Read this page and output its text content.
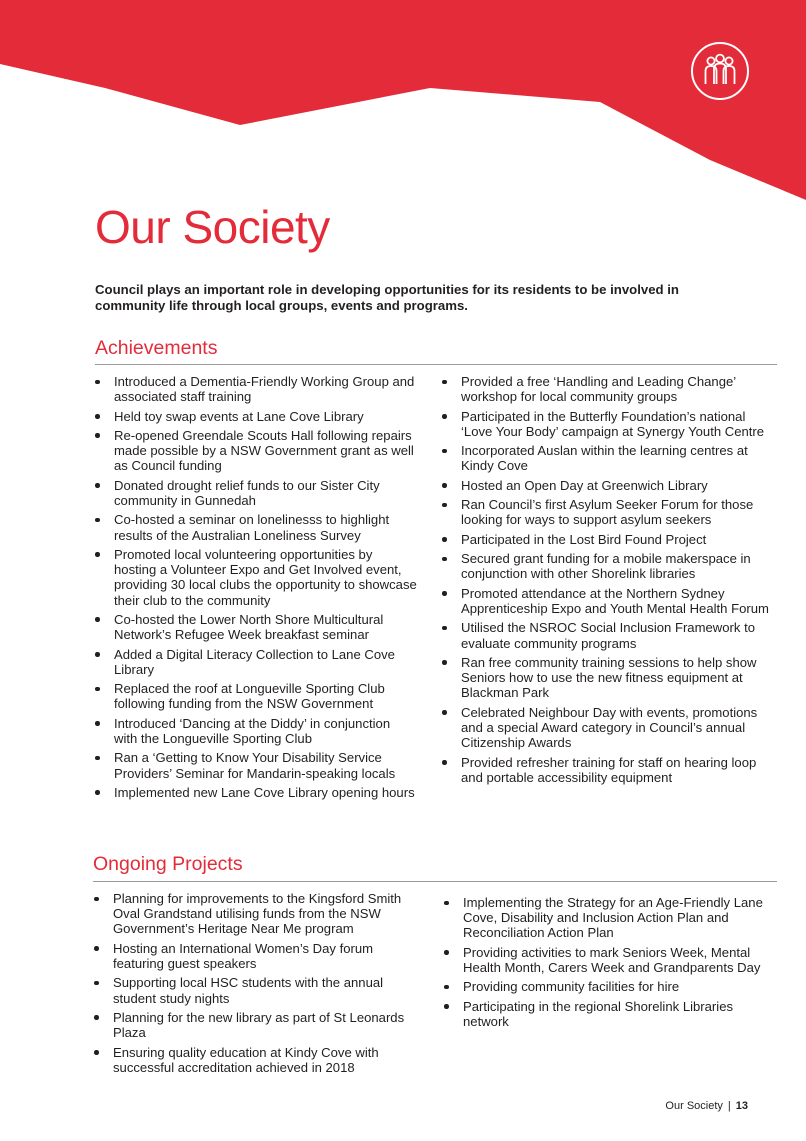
Our Society

Council plays an important role in developing opportunities for its residents to be involved in community life through local groups, events and programs.

Achievements
Introduced a Dementia-Friendly Working Group and associated staff training
Held toy swap events at Lane Cove Library
Re-opened Greendale Scouts Hall following repairs made possible by a NSW Government grant as well as Council funding
Donated drought relief funds to our Sister City community in Gunnedah
Co-hosted a seminar on lonelinesss to highlight results of the Australian Loneliness Survey
Promoted local volunteering opportunities by hosting a Volunteer Expo and Get Involved event, providing 30 local clubs the opportunity to showcase their club to the community
Co-hosted the Lower North Shore Multicultural Network’s Refugee Week breakfast seminar
Added a Digital Literacy Collection to Lane Cove Library
Replaced the roof at Longueville Sporting Club following funding from the NSW Government
Introduced ‘Dancing at the Diddy’ in conjunction with the Longueville Sporting Club
Ran a ‘Getting to Know Your Disability Service Providers’ Seminar for Mandarin-speaking locals
Implemented new Lane Cove Library opening hours
Provided a free ‘Handling and Leading Change’ workshop for local community groups
Participated in the Butterfly Foundation’s national ‘Love Your Body’ campaign at Synergy Youth Centre
Incorporated Auslan within the learning centres at Kindy Cove
Hosted an Open Day at Greenwich Library
Ran Council’s first Asylum Seeker Forum for those looking for ways to support asylum seekers
Participated in the Lost Bird Found Project
Secured grant funding for a mobile makerspace in conjunction with other Shorelink libraries
Promoted attendance at the Northern Sydney Apprenticeship Expo and Youth Mental Health Forum
Utilised the NSROC Social Inclusion Framework to evaluate community programs
Ran free community training sessions to help show Seniors how to use the new fitness equipment at Blackman Park
Celebrated Neighbour Day with events, promotions and a special Award category in Council’s annual Citizenship Awards
Provided refresher training for staff on hearing loop and portable accessibility equipment
Ongoing Projects
Planning for improvements to the Kingsford Smith Oval Grandstand utilising funds from the NSW Government’s Heritage Near Me program
Hosting an International Women’s Day forum featuring guest speakers
Supporting local HSC students with the annual student study nights
Planning for the new library as part of St Leonards Plaza
Ensuring quality education at Kindy Cove with successful accreditation achieved in 2018
Implementing the Strategy for an Age-Friendly Lane Cove, Disability and Inclusion Action Plan and Reconciliation Action Plan
Providing activities to mark Seniors Week, Mental Health Month, Carers Week and Grandparents Day
Providing community facilities for hire
Participating in the regional Shorelink Libraries network
Our Society | 13
